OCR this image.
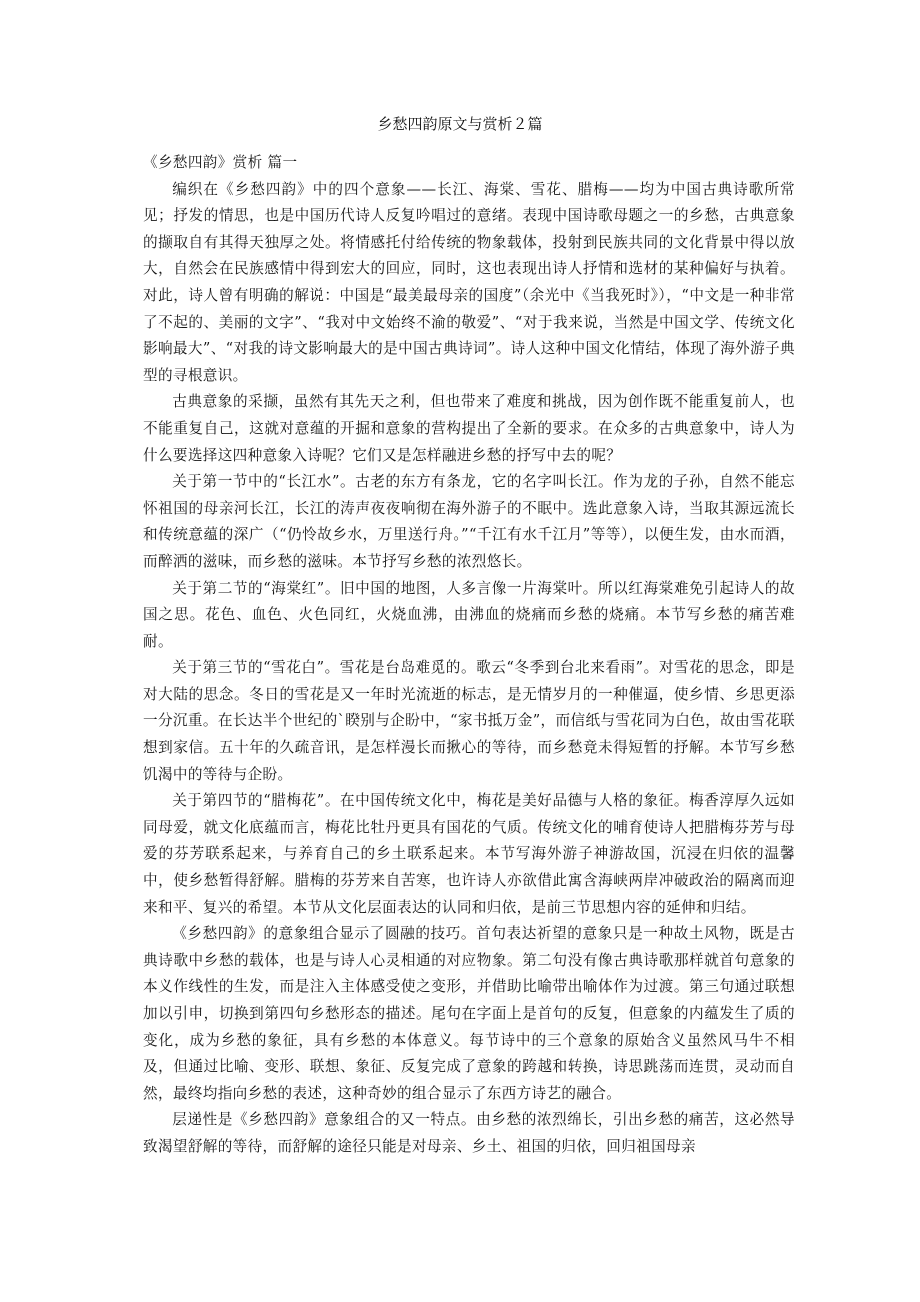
乡愁四韵原文与赏析２篇

《乡愁四韵》赏析 篇一

编织在《乡愁四韵》中的四个意象——长江、海棠、雪花、腊梅——均为中国古典诗歌所常见；抒发的情思，也是中国历代诗人反复吟唱过的意绪。表现中国诗歌母题之一的乡愁，古典意象的撷取自有其得天独厚之处。将情感托付给传统的物象载体，投射到民族共同的文化背景中得以放大，自然会在民族感情中得到宏大的回应，同时，这也表现出诗人抒情和选材的某种偏好与执着。对此，诗人曾有明确的解说：中国是“最美最母亲的国度”（余光中《当我死时》），“中文是一种非常了不起的、美丽的文字”、“我对中文始终不渝的敬爱”、“对于我来说，当然是中国文学、传统文化影响最大”、“对我的诗文影响最大的是中国古典诗词”。诗人这种中国文化情结，体现了海外游子典型的寻根意识。

古典意象的采撷，虽然有其先天之利，但也带来了难度和挑战，因为创作既不能重复前人，也不能重复自己，这就对意蕴的开掘和意象的营构提出了全新的要求。在众多的古典意象中，诗人为什么要选择这四种意象入诗呢？它们又是怎样融进乡愁的抒写中去的呢？

关于第一节中的“长江水”。古老的东方有条龙，它的名字叫长江。作为龙的子孙，自然不能忘怀祖国的母亲河长江，长江的涛声夜夜响彻在海外游子的不眠中。选此意象入诗，当取其源远流长和传统意蕴的深广（“仍怜故乡水，万里送行舟。”“千江有水千江月”等等），以便生发，由水而酒，而醉洒的滋味，而乡愁的滋味。本节抒写乡愁的浓烈悠长。

关于第二节的“海棠红”。旧中国的地图，人多言像一片海棠叶。所以红海棠难免引起诗人的故国之思。花色、血色、火色同红，火烧血沸，由沸血的烧痛而乡愁的烧痛。本节写乡愁的痛苦难耐。

关于第三节的“雪花白”。雪花是台岛难觅的。歌云“冬季到台北来看雨”。对雪花的思念，即是对大陆的思念。冬日的雪花是又一年时光流逝的标志，是无情岁月的一种催逼，使乡情、乡思更添一分沉重。在长达半个世纪的`睽别与企盼中，“家书抵万金”，而信纸与雪花同为白色，故由雪花联想到家信。五十年的久疏音讯，是怎样漫长而揪心的等待，而乡愁竟未得短暂的抒解。本节写乡愁饥渴中的等待与企盼。

关于第四节的“腊梅花”。在中国传统文化中，梅花是美好品德与人格的象征。梅香淳厚久远如同母爱，就文化底蕴而言，梅花比牡丹更具有国花的气质。传统文化的哺育使诗人把腊梅芬芳与母爱的芬芳联系起来，与养育自己的乡土联系起来。本节写海外游子神游故国，沉浸在归依的温馨中，使乡愁暂得舒解。腊梅的芬芳来自苦寒，也许诗人亦欲借此寓含海峡两岸冲破政治的隔离而迎来和平、复兴的希望。本节从文化层面表达的认同和归依，是前三节思想内容的延伸和归结。

《乡愁四韵》的意象组合显示了圆融的技巧。首句表达祈望的意象只是一种故土风物，既是古典诗歌中乡愁的载体，也是与诗人心灵相通的对应物象。第二句没有像古典诗歌那样就首句意象的本义作线性的生发，而是注入主体感受使之变形，并借助比喻带出喻体作为过渡。第三句通过联想加以引申，切换到第四句乡愁形态的描述。尾句在字面上是首句的反复，但意象的内蕴发生了质的变化，成为乡愁的象征，具有乡愁的本体意义。每节诗中的三个意象的原始含义虽然风马牛不相及，但通过比喻、变形、联想、象征、反复完成了意象的跨越和转换，诗思跳荡而连贯，灵动而自然，最终均指向乡愁的表述，这种奇妙的组合显示了东西方诗艺的融合。

层递性是《乡愁四韵》意象组合的又一特点。由乡愁的浓烈绵长，引出乡愁的痛苦，这必然导致渴望舒解的等待，而舒解的途径只能是对母亲、乡土、祖国的归依，回归祖国母亲
